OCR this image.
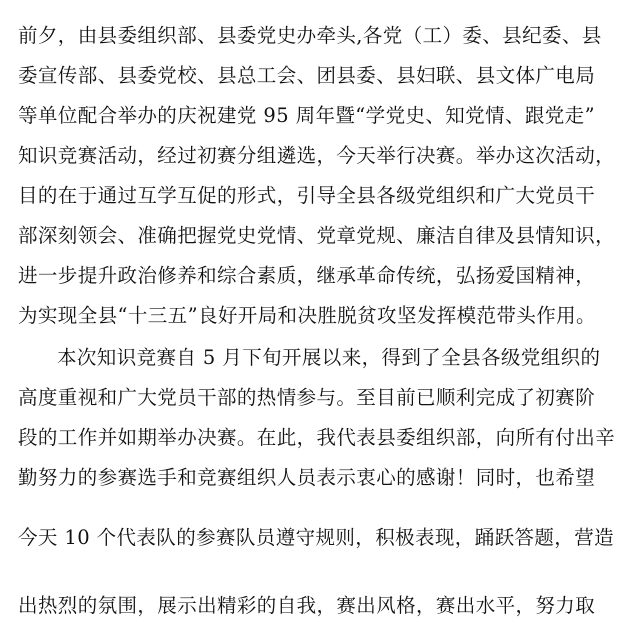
前夕，由县委组织部、县委党史办牵头,各党（工）委、县纪委、县
委宣传部、县委党校、县总工会、团县委、县妇联、县文体广电局
等单位配合举办的庆祝建党 95 周年暨“学党史、知党情、跟党走”
知识竞赛活动，经过初赛分组遴选，今天举行决赛。举办这次活动，
目的在于通过互学互促的形式，引导全县各级党组织和广大党员干
部深刻领会、准确把握党史党情、党章党规、廉洁自律及县情知识，
进一步提升政治修养和综合素质，继承革命传统，弘扬爱国精神，
为实现全县“十三五”良好开局和决胜脱贫攻坚发挥模范带头作用。
本次知识竞赛自 5 月下旬开展以来，得到了全县各级党组织的
高度重视和广大党员干部的热情参与。至目前已顺利完成了初赛阶
段的工作并如期举办决赛。在此，我代表县委组织部，向所有付出辛
勤努力的参赛选手和竞赛组织人员表示衷心的感谢！同时，也希望
今天 10 个代表队的参赛队员遵守规则，积极表现，踊跃答题，营造
出热烈的氛围，展示出精彩的自我，赛出风格，赛出水平，努力取
